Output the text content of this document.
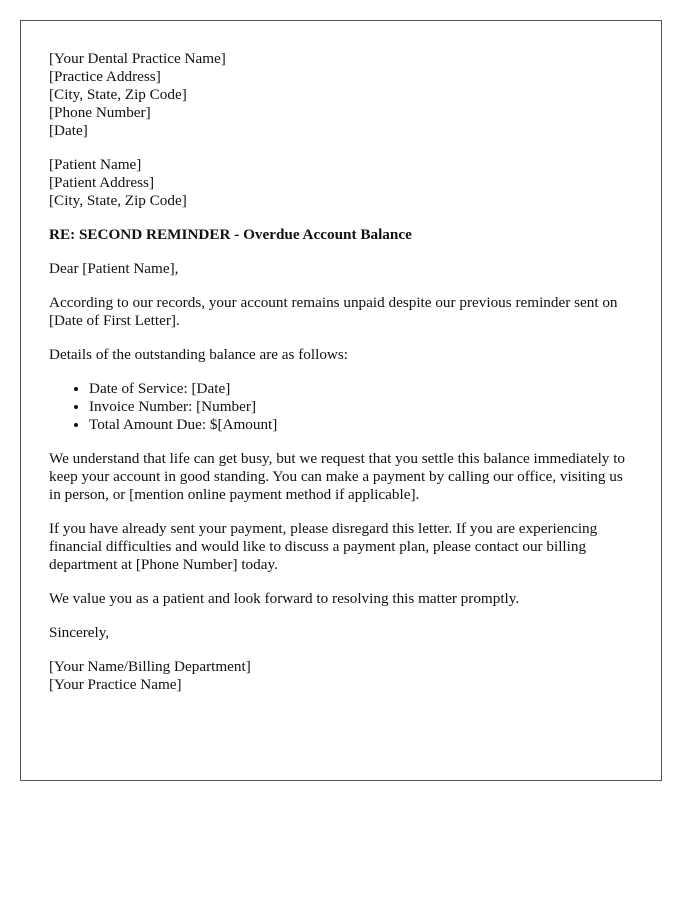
[Your Dental Practice Name]
[Practice Address]
[City, State, Zip Code]
[Phone Number]
[Date]
[Patient Name]
[Patient Address]
[City, State, Zip Code]
RE: SECOND REMINDER - Overdue Account Balance

Dear [Patient Name],

According to our records, your account remains unpaid despite our previous reminder sent on [Date of First Letter].

Details of the outstanding balance are as follows:

• Date of Service: [Date]
• Invoice Number: [Number]
• Total Amount Due: $[Amount]

We understand that life can get busy, but we request that you settle this balance immediately to keep your account in good standing. You can make a payment by calling our office, visiting us in person, or [mention online payment method if applicable].

If you have already sent your payment, please disregard this letter. If you are experiencing financial difficulties and would like to discuss a payment plan, please contact our billing department at [Phone Number] today.

We value you as a patient and look forward to resolving this matter promptly.

Sincerely,

[Your Name/Billing Department]
[Your Practice Name]
